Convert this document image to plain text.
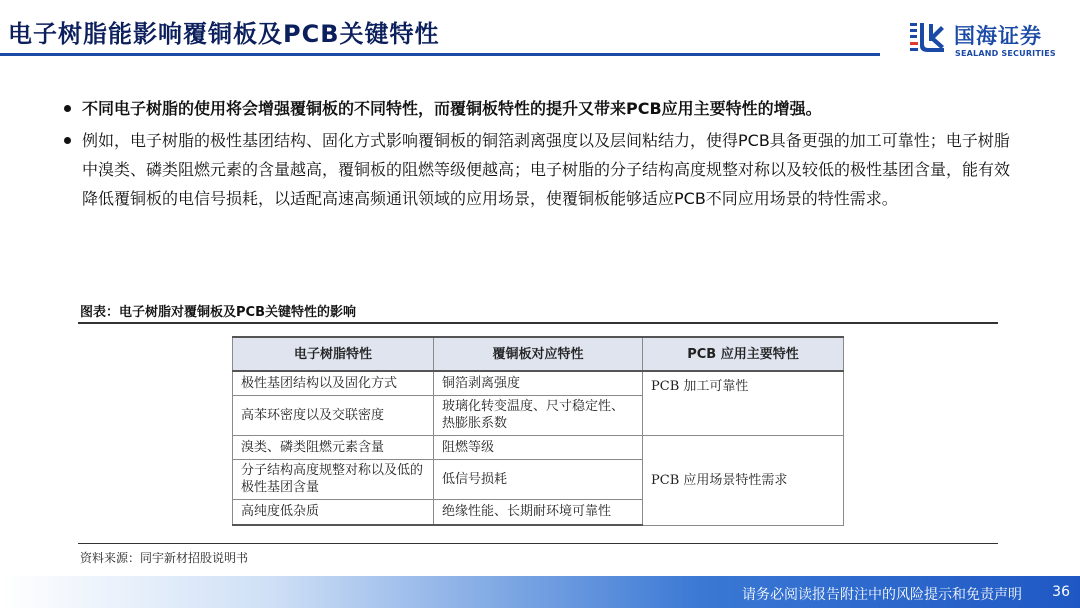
电子树脂能影响覆铜板及PCB关键特性	国海证券
SEALAND SECURITIES
不同电子树脂的使用将会增强覆铜板的不同特性，而覆铜板特性的提升又带来PCB应用主要特性的增强。
例如，电子树脂的极性基团结构、固化方式影响覆铜板的铜箔剥离强度以及层间粘结力，使得PCB具备更强的加工可靠性；电子树脂中溴类、磷类阻燃元素的含量越高，覆铜板的阻燃等级便越高；电子树脂的分子结构高度规整对称以及较低的极性基团含量，能有效降低覆铜板的电信号损耗，以适配高速高频通讯领域的应用场景，使覆铜板能够适应PCB不同应用场景的特性需求。
图表：电子树脂对覆铜板及PCB关键特性的影响
电子树脂特性	覆铜板对应特性	PCB 应用主要特性
极性基团结构以及固化方式	铜箔剥离强度	PCB 加工可靠性
高苯环密度以及交联密度	玻璃化转变温度、尺寸稳定性、热膨胀系数	
溴类、磷类阻燃元素含量	阻燃等级	PCB 应用场景特性需求
分子结构高度规整对称以及低的极性基团含量	低信号损耗	
高纯度低杂质	绝缘性能、长期耐环境可靠性	
资料来源：同宇新材招股说明书
请务必阅读报告附注中的风险提示和免责声明 36
